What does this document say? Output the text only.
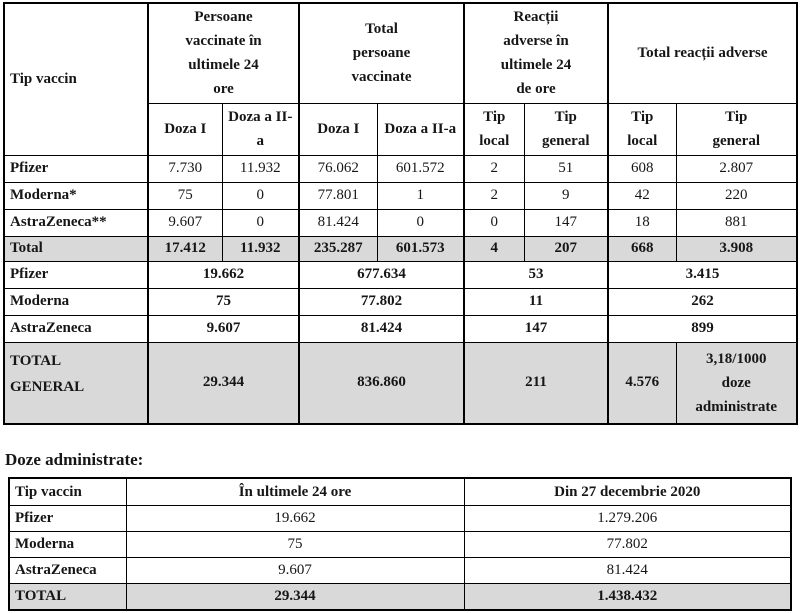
Tip vaccin	Persoane vaccinate în ultimele 24 ore		Total persoane vaccinate		Reacții adverse în ultimele 24 de ore		Total reacții adverse	
	Doza I	Doza a II-a	Doza I	Doza a II-a	Tip local	Tip general	Tip local	Tip general

Pfizer	7.730	11.932	76.062	601.572	2	51	608	2.807
Moderna*	75	0	77.801	1	2	9	42	220
AstraZeneca**	9.607	0	81.424	0	0	147	18	881
Total	17.412	11.932	235.287	601.573	4	207	668	3.908
Pfizer	19.662		677.634		53		3.415	
Moderna	75		77.802		11		262	
AstraZeneca	9.607		81.424		147		899	

TOTAL GENERAL	29.344		836.860		211		4.576	3,18/1000 doze administrate
Doze administrate:
Tip vaccin	În ultimele 24 ore	Din 27 decembrie 2020
Pfizer	19.662	1.279.206
Moderna	75	77.802
AstraZeneca	9.607	81.424
TOTAL	29.344	1.438.432
